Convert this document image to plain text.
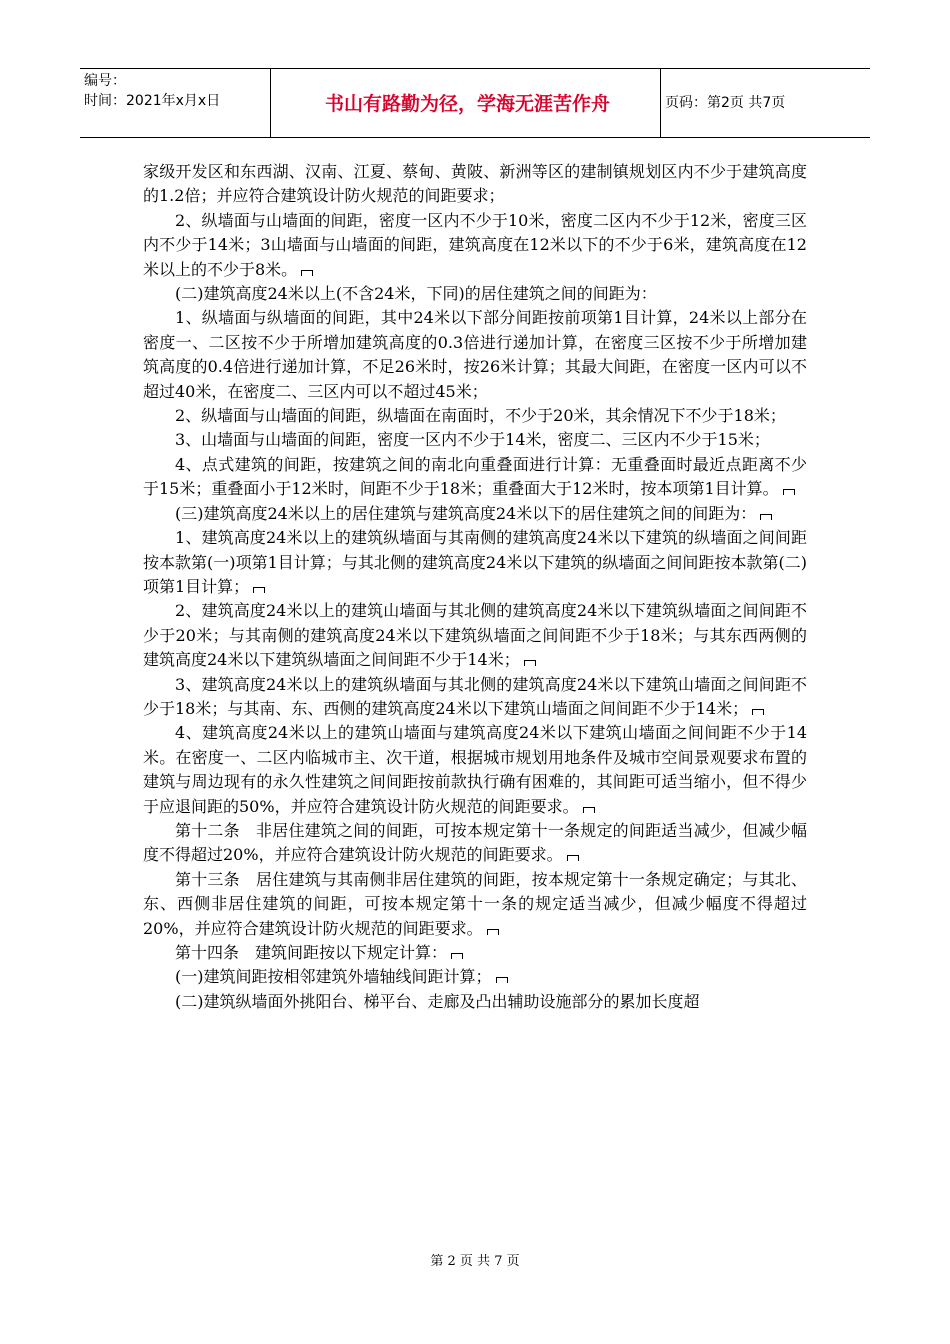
编号：
时间：2021年x月x日	书山有路勤为径，学海无涯苦作舟	页码：第2页 共7页

家级开发区和东西湖、汉南、江夏、蔡甸、黄陂、新洲等区的建制镇规划区内不少于建筑高度的1.2倍；并应符合建筑设计防火规范的间距要求；

2、纵墙面与山墙面的间距，密度一区内不少于10米，密度二区内不少于12米，密度三区内不少于14米；3山墙面与山墙面的间距，建筑高度在12米以下的不少于6米，建筑高度在12米以上的不少于8米。

(二)建筑高度24米以上(不含24米，下同)的居住建筑之间的间距为：

1、纵墙面与纵墙面的间距，其中24米以下部分间距按前项第1目计算，24米以上部分在密度一、二区按不少于所增加建筑高度的0.3倍进行递加计算，在密度三区按不少于所增加建筑高度的0.4倍进行递加计算，不足26米时，按26米计算；其最大间距，在密度一区内可以不超过40米，在密度二、三区内可以不超过45米；

2、纵墙面与山墙面的间距，纵墙面在南面时，不少于20米，其余情况下不少于18米；

3、山墙面与山墙面的间距，密度一区内不少于14米，密度二、三区内不少于15米；

4、点式建筑的间距，按建筑之间的南北向重叠面进行计算：无重叠面时最近点距离不少于15米；重叠面小于12米时，间距不少于18米；重叠面大于12米时，按本项第1目计算。

(三)建筑高度24米以上的居住建筑与建筑高度24米以下的居住建筑之间的间距为：

1、建筑高度24米以上的建筑纵墙面与其南侧的建筑高度24米以下建筑的纵墙面之间间距按本款第(一)项第1目计算；与其北侧的建筑高度24米以下建筑的纵墙面之间间距按本款第(二)项第1目计算；

2、建筑高度24米以上的建筑山墙面与其北侧的建筑高度24米以下建筑纵墙面之间间距不少于20米；与其南侧的建筑高度24米以下建筑纵墙面之间间距不少于18米；与其东西两侧的建筑高度24米以下建筑纵墙面之间间距不少于14米；

3、建筑高度24米以上的建筑纵墙面与其北侧的建筑高度24米以下建筑山墙面之间间距不少于18米；与其南、东、西侧的建筑高度24米以下建筑山墙面之间间距不少于14米；

4、建筑高度24米以上的建筑山墙面与建筑高度24米以下建筑山墙面之间间距不少于14米。在密度一、二区内临城市主、次干道，根据城市规划用地条件及城市空间景观要求布置的建筑与周边现有的永久性建筑之间间距按前款执行确有困难的，其间距可适当缩小，但不得少于应退间距的50%，并应符合建筑设计防火规范的间距要求。

第十二条　非居住建筑之间的间距，可按本规定第十一条规定的间距适当减少，但减少幅度不得超过20%，并应符合建筑设计防火规范的间距要求。

第十三条　居住建筑与其南侧非居住建筑的间距，按本规定第十一条规定确定；与其北、东、西侧非居住建筑的间距，可按本规定第十一条的规定适当减少，但减少幅度不得超过20%，并应符合建筑设计防火规范的间距要求。

第十四条　建筑间距按以下规定计算：

(一)建筑间距按相邻建筑外墙轴线间距计算；

(二)建筑纵墙面外挑阳台、梯平台、走廊及凸出辅助设施部分的累加长度超

第 2 页 共 7 页
